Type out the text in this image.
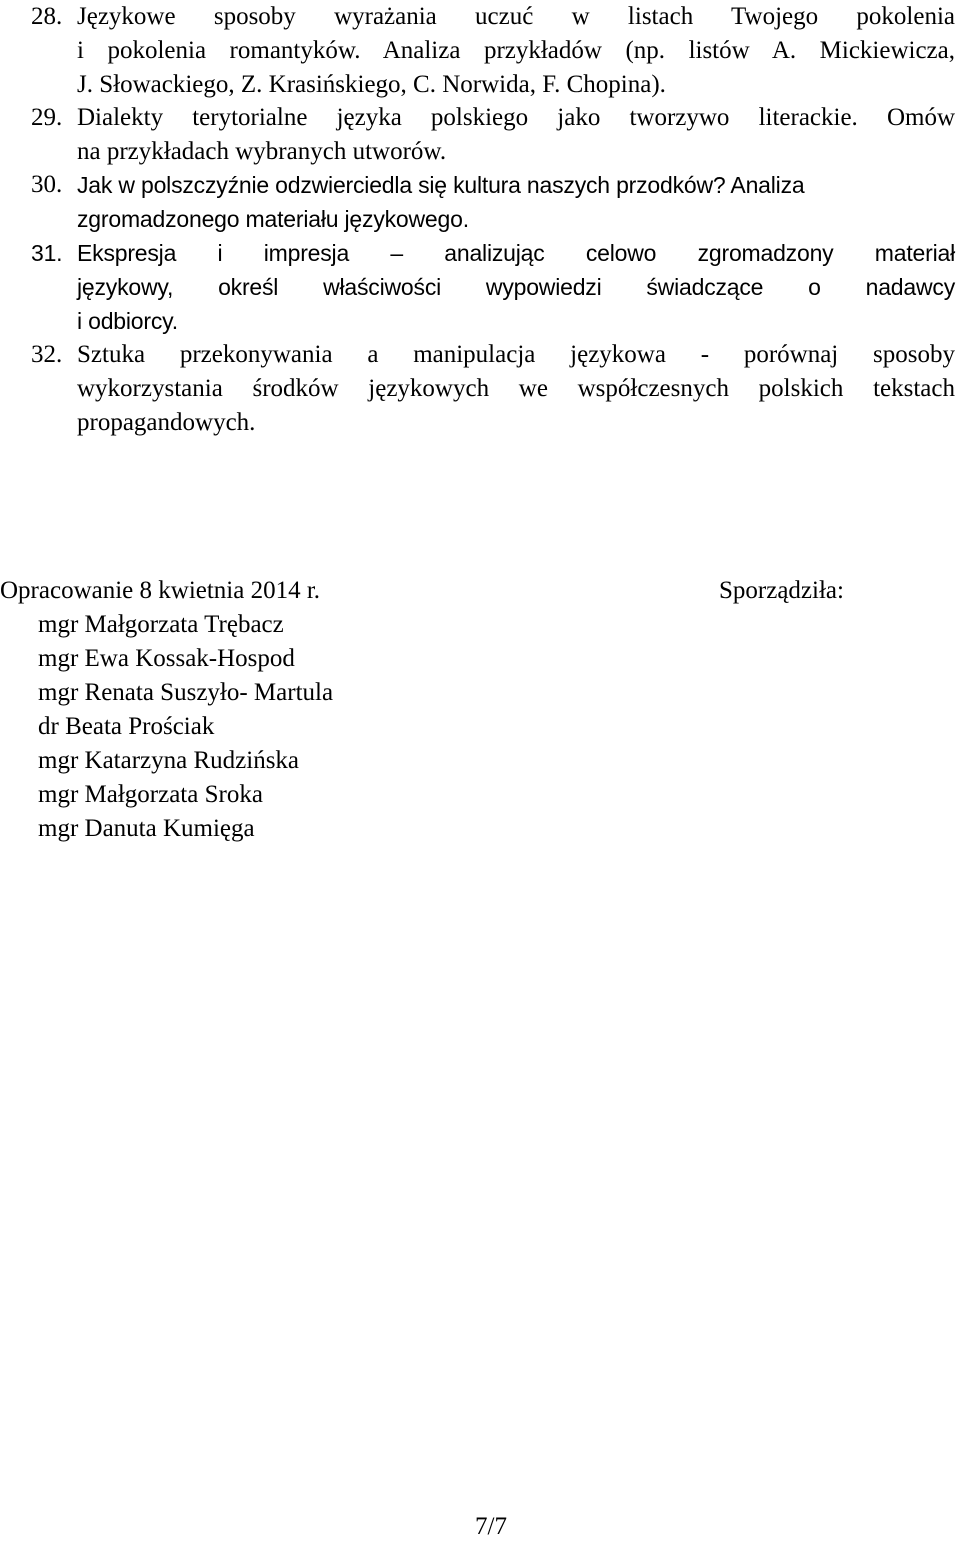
28. Językowe sposoby wyrażania uczuć w listach Twojego pokolenia
i pokolenia romantyków. Analiza przykładów (np. listów A. Mickiewicza,
J. Słowackiego, Z. Krasińskiego, C. Norwida, F. Chopina).
29. Dialekty terytorialne języka polskiego jako tworzywo literackie. Omów
na przykładach wybranych utworów.
30. Jak w polszczyźnie odzwierciedla się kultura naszych przodków? Analiza
zgromadzonego materiału językowego.
31. Ekspresja i impresja – analizując celowo zgromadzony materiał
językowy, określ właściwości wypowiedzi świadczące o nadawcy
i odbiorcy.
32. Sztuka przekonywania a manipulacja językowa - porównaj sposoby
wykorzystania środków językowych we współczesnych polskich tekstach
propagandowych.
Opracowanie 8 kwietnia 2014 r.	Sporządziła:
mgr Małgorzata Trębacz
mgr Ewa Kossak-Hospod
mgr Renata Suszyło- Martula
dr Beata Prościak
mgr Katarzyna Rudzińska
mgr Małgorzata Sroka
mgr Danuta Kumięga
7/7
